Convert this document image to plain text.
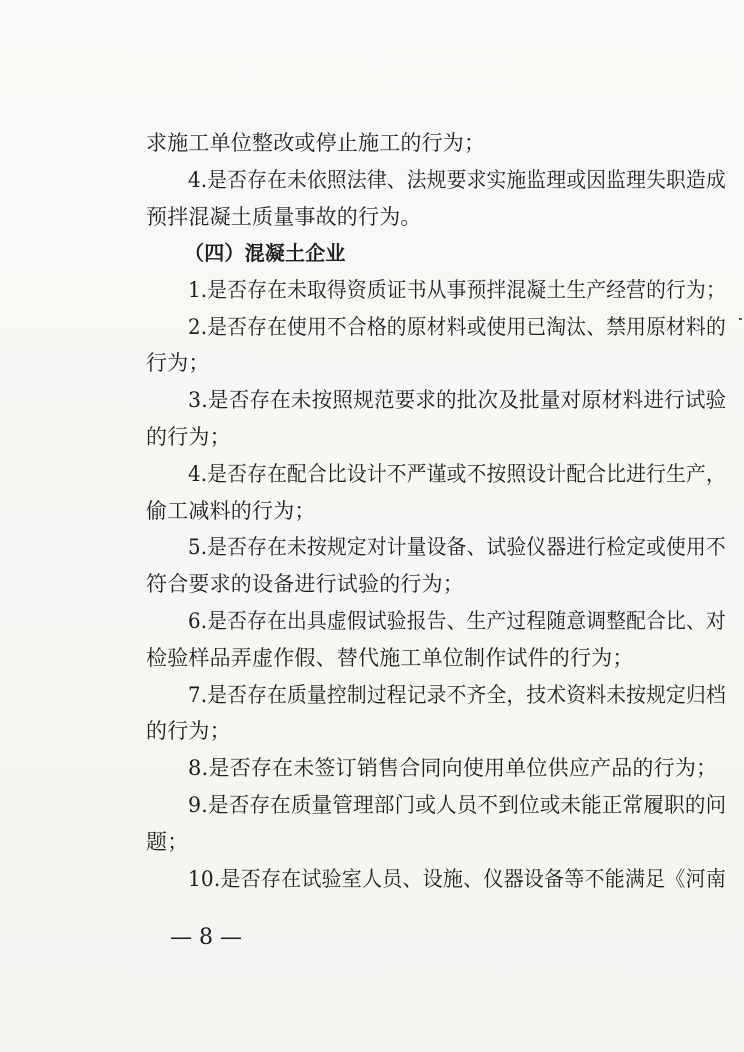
求施工单位整改或停止施工的行为；
4.是否存在未依照法律、法规要求实施监理或因监理失职造成
预拌混凝土质量事故的行为。
（四）混凝土企业
1.是否存在未取得资质证书从事预拌混凝土生产经营的行为；
2.是否存在使用不合格的原材料或使用已淘汰、禁用原材料的
行为；
3.是否存在未按照规范要求的批次及批量对原材料进行试验
的行为；
4.是否存在配合比设计不严谨或不按照设计配合比进行生产，
偷工减料的行为；
5.是否存在未按规定对计量设备、试验仪器进行检定或使用不
符合要求的设备进行试验的行为；
6.是否存在出具虚假试验报告、生产过程随意调整配合比、对
检验样品弄虚作假、替代施工单位制作试件的行为；
7.是否存在质量控制过程记录不齐全，技术资料未按规定归档
的行为；
8.是否存在未签订销售合同向使用单位供应产品的行为；
9.是否存在质量管理部门或人员不到位或未能正常履职的问
题；
10.是否存在试验室人员、设施、仪器设备等不能满足《河南
— 8 —
